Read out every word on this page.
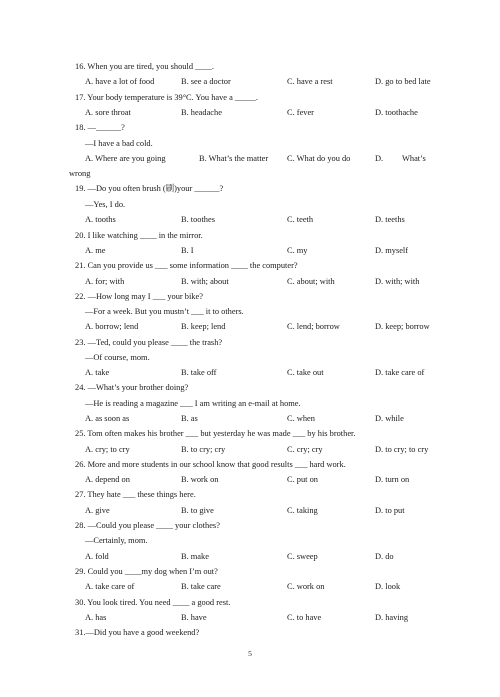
16. When you are tired, you should ____.
A. have a lot of food	B. see a doctor	C. have a rest	D. go to bed late
17. Your body temperature is 39°C. You have a _____.
A. sore throat	B. headache	C. fever	D. toothache
18. —______?
—I have a bad cold.
A. Where are you going	B. What’s the matter C. What do you do	D. What’s
wrong
19. —Do you often brush (刷)your ______?
—Yes, I do.
A. tooths	B. toothes	C. teeth	D. teeths
20. I like watching ____ in the mirror.
A. me	B. I	C. my	D. myself
21. Can you provide us ___ some information ____ the computer?
A. for; with	B. with; about	C. about; with	D. with; with
22. —How long may I ___ your bike?
—For a week. But you mustn’t ___ it to others.
A. borrow; lend	B. keep; lend	C. lend; borrow	D. keep; borrow
23. —Ted, could you please ____ the trash?
—Of course, mom.
A. take	B. take off	C. take out	D. take care of
24. —What’s your brother doing?
—He is reading a magazine ___ I am writing an e-mail at home.
A. as soon as	B. as	C. when	D. while
25. Tom often makes his brother ___ but yesterday he was made ___ by his brother.
A. cry; to cry	B. to cry; cry	C. cry; cry	D. to cry; to cry
26. More and more students in our school know that good results ___ hard work.
A. depend on	B. work on	C. put on	D. turn on
27. They hate ___ these things here.
A. give	B. to give	C. taking	D. to put
28. —Could you please ____ your clothes?
—Certainly, mom.
A. fold	B. make	C. sweep	D. do
29. Could you ____my dog when I’m out?
A. take care of	B. take care	C. work on	D. look
30. You look tired. You need ____ a good rest.
A. has	B. have	C. to have	D. having
31.—Did you have a good weekend?
5
